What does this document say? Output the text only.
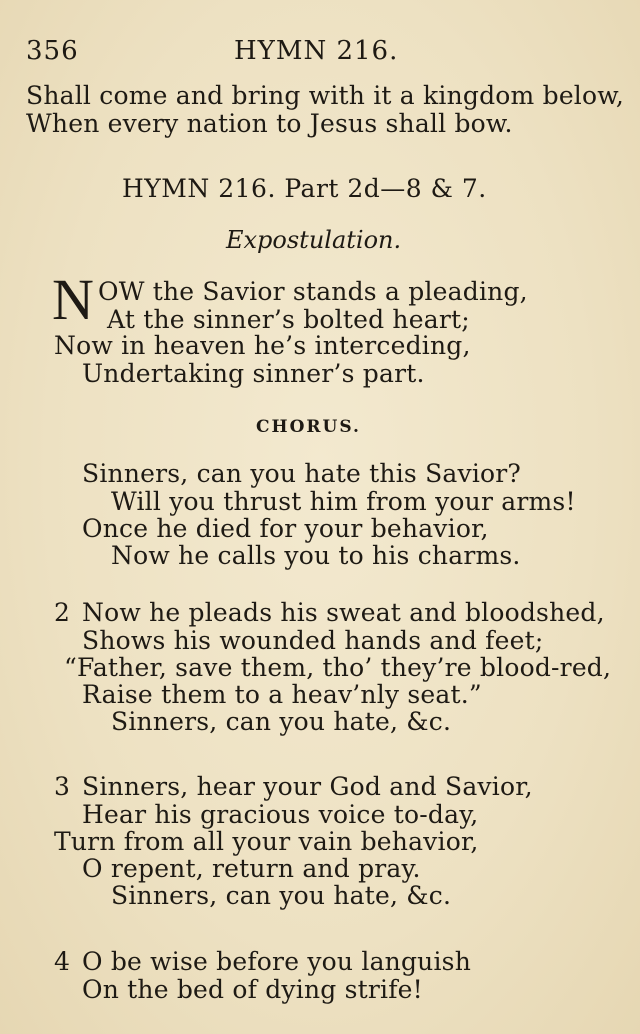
356	HYMN 216.
Shall come and bring with it a kingdom below,
When every nation to Jesus shall bow.
HYMN 216. Part 2d—8 & 7.
Expostulation.
N OW the Savior stands a pleading,
At the sinner’s bolted heart;
Now in heaven he’s interceding,
Undertaking sinner’s part.
CHORUS.
Sinners, can you hate this Savior?
Will you thrust him from your arms!
Once he died for your behavior,
Now he calls you to his charms.
2 Now he pleads his sweat and bloodshed,
Shows his wounded hands and feet;
“Father, save them, tho’ they’re blood-red,
Raise them to a heav’nly seat.”
Sinners, can you hate, &c.
3 Sinners, hear your God and Savior,
Hear his gracious voice to-day,
Turn from all your vain behavior,
O repent, return and pray.
Sinners, can you hate, &c.
4 O be wise before you languish
On the bed of dying strife!
